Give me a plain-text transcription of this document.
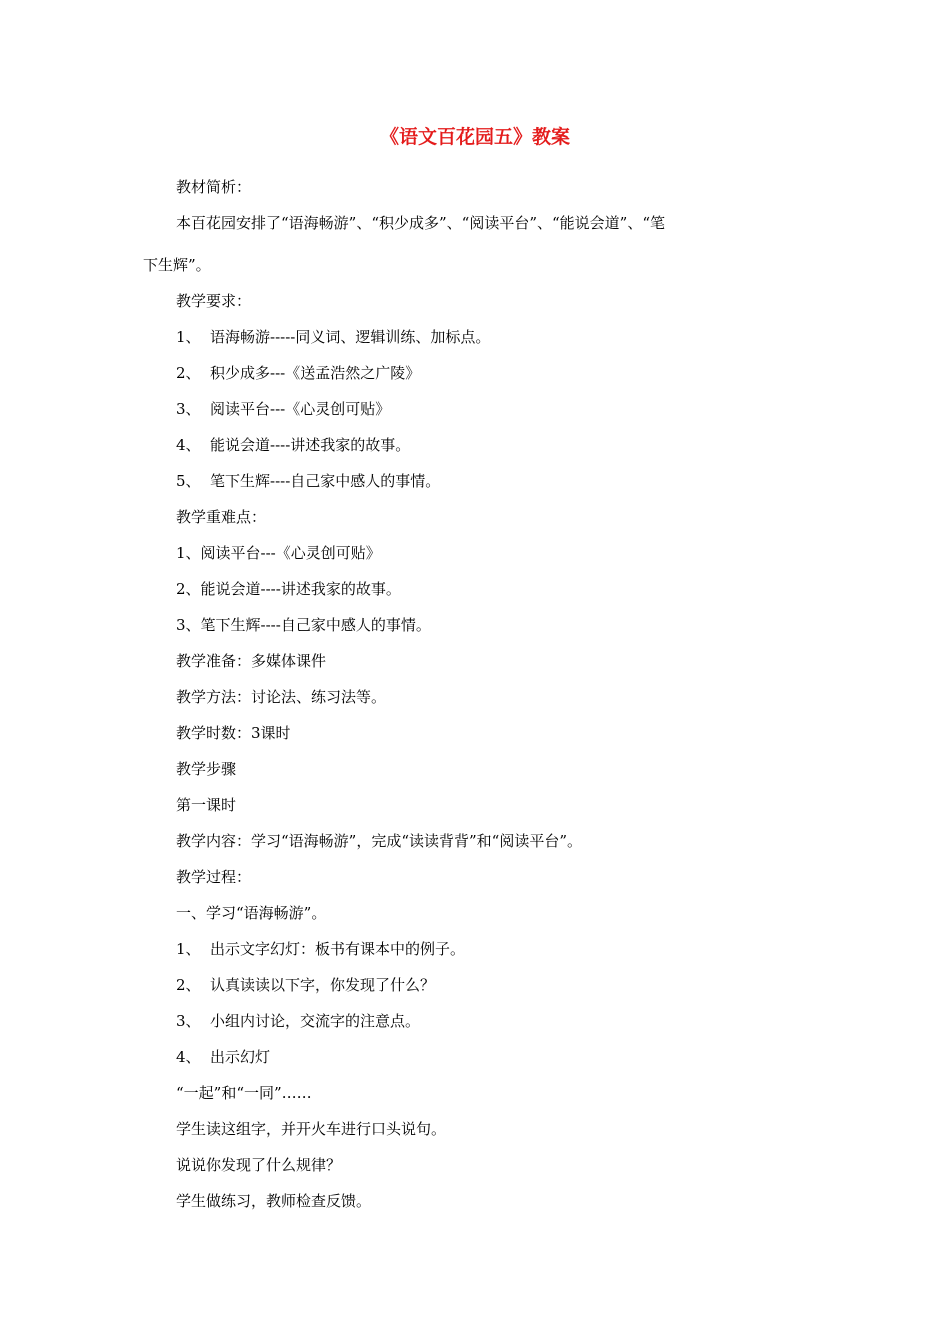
《语文百花园五》教案

教材简析：

本百花园安排了“语海畅游”、“积少成多”、“阅读平台”、“能说会道”、“笔

下生辉”。

教学要求：

1、 语海畅游-----同义词、逻辑训练、加标点。

2、 积少成多---《送孟浩然之广陵》

3、 阅读平台---《心灵创可贴》

4、 能说会道----讲述我家的故事。

5、 笔下生辉----自己家中感人的事情。

教学重难点：

1、阅读平台---《心灵创可贴》

2、能说会道----讲述我家的故事。

3、笔下生辉----自己家中感人的事情。

教学准备：多媒体课件

教学方法：讨论法、练习法等。

教学时数：3课时

教学步骤

第一课时

教学内容：学习“语海畅游”，完成“读读背背”和“阅读平台”。

教学过程：

一、学习“语海畅游”。

1、 出示文字幻灯：板书有课本中的例子。

2、 认真读读以下字，你发现了什么？

3、 小组内讨论，交流字的注意点。

4、 出示幻灯

“一起”和“一同”……

学生读这组字，并开火车进行口头说句。

说说你发现了什么规律？

学生做练习，教师检查反馈。
